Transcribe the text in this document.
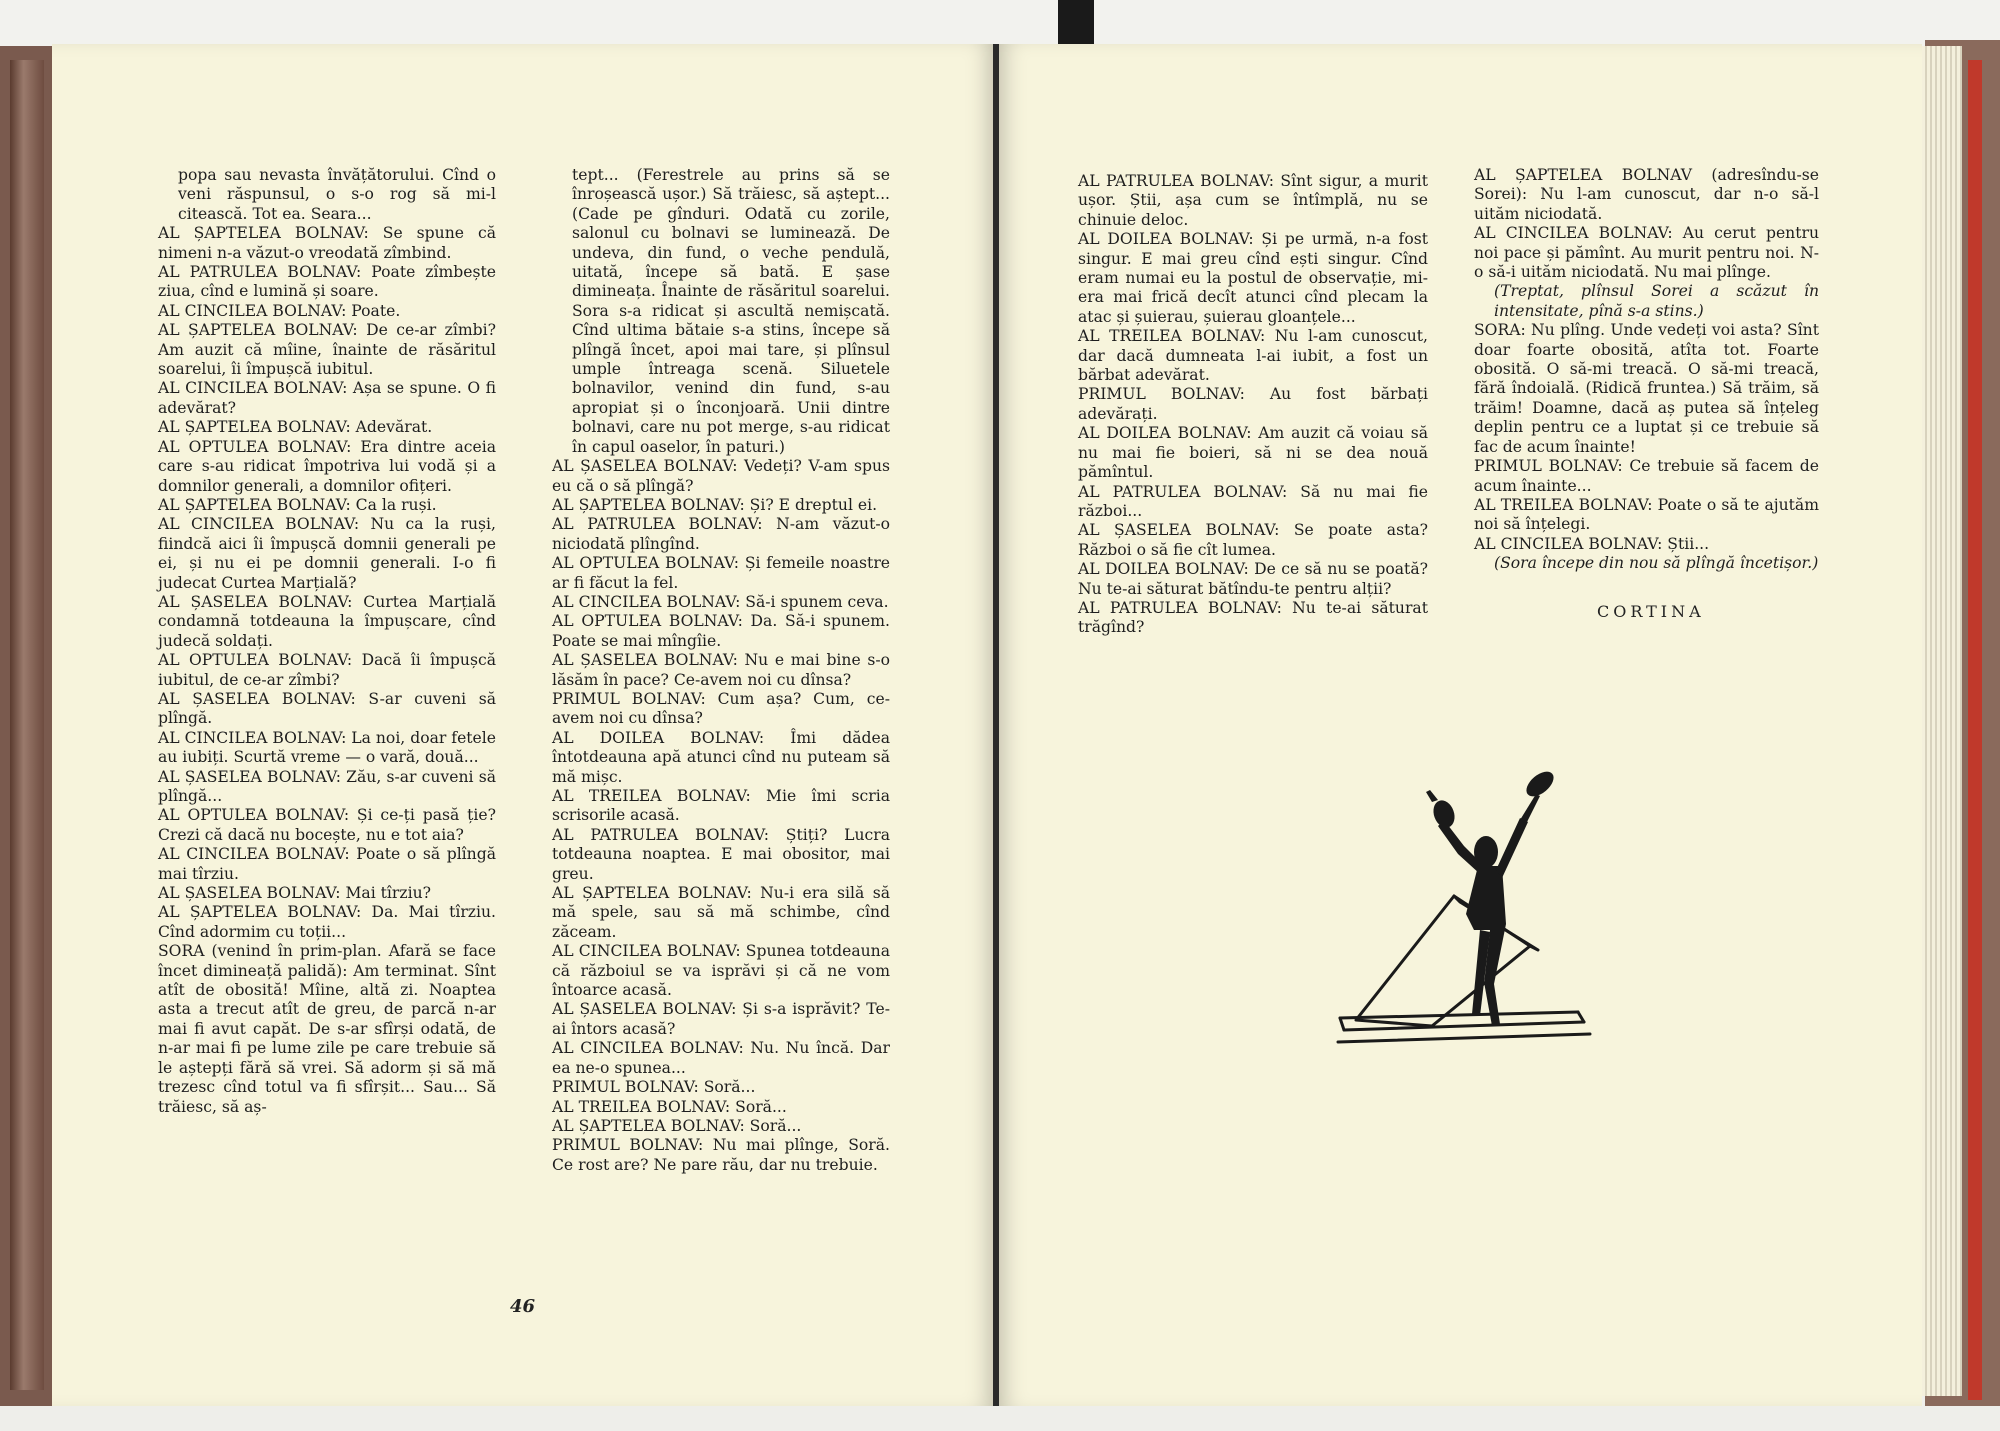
popa sau nevasta învățătorului. Cînd o veni răspunsul, o s-o rog să mi-l citească. Tot ea. Seara...

AL ȘAPTELEA BOLNAV: Se spune că nimeni n-a văzut-o vreodată zîmbind.

AL PATRULEA BOLNAV: Poate zîmbește ziua, cînd e lumină și soare.

AL CINCILEA BOLNAV: Poate.

AL ȘAPTELEA BOLNAV: De ce-ar zîmbi? Am auzit că mîine, înainte de răsăritul soarelui, îi împușcă iubitul.

AL CINCILEA BOLNAV: Așa se spune. O fi adevărat?

AL ȘAPTELEA BOLNAV: Adevărat.

AL OPTULEA BOLNAV: Era dintre aceia care s-au ridicat împotriva lui vodă și a domnilor generali, a domnilor ofițeri.

AL ȘAPTELEA BOLNAV: Ca la ruși.

AL CINCILEA BOLNAV: Nu ca la ruși, fiindcă aici îi împușcă domnii generali pe ei, și nu ei pe domnii generali. I-o fi judecat Curtea Marțială?

AL ȘASELEA BOLNAV: Curtea Marțială condamnă totdeauna la împușcare, cînd judecă soldați.

AL OPTULEA BOLNAV: Dacă îi împușcă iubitul, de ce-ar zîmbi?

AL ȘASELEA BOLNAV: S-ar cuveni să plîngă.

AL CINCILEA BOLNAV: La noi, doar fetele au iubiți. Scurtă vreme — o vară, două...

AL ȘASELEA BOLNAV: Zău, s-ar cuveni să plîngă...

AL OPTULEA BOLNAV: Și ce-ți pasă ție? Crezi că dacă nu bocește, nu e tot aia?

AL CINCILEA BOLNAV: Poate o să plîngă mai tîrziu.

AL ȘASELEA BOLNAV: Mai tîrziu?

AL ȘAPTELEA BOLNAV: Da. Mai tîrziu. Cînd adormim cu toții...

SORA (venind în prim-plan. Afară se face încet dimineață palidă): Am terminat. Sînt atît de obosită! Mîine, altă zi. Noaptea asta a trecut atît de greu, de parcă n-ar mai fi avut capăt. De s-ar sfîrși odată, de n-ar mai fi pe lume zile pe care trebuie să le aștepți fără să vrei. Să adorm și să mă trezesc cînd totul va fi sfîrșit... Sau... Să trăiesc, să aș-

tept... (Ferestrele au prins să se înroșească ușor.) Să trăiesc, să aștept... (Cade pe gînduri. Odată cu zorile, salonul cu bolnavi se luminează. De undeva, din fund, o veche pendulă, uitată, începe să bată. E șase dimineața. Înainte de răsăritul soarelui. Sora s-a ridicat și ascultă nemișcată. Cînd ultima bătaie s-a stins, începe să plîngă încet, apoi mai tare, și plînsul umple întreaga scenă. Siluetele bolnavilor, venind din fund, s-au apropiat și o înconjoară. Unii dintre bolnavi, care nu pot merge, s-au ridicat în capul oaselor, în paturi.)

AL ȘASELEA BOLNAV: Vedeți? V-am spus eu că o să plîngă?

AL ȘAPTELEA BOLNAV: Și? E dreptul ei.

AL PATRULEA BOLNAV: N-am văzut-o niciodată plîngînd.

AL OPTULEA BOLNAV: Și femeile noastre ar fi făcut la fel.

AL CINCILEA BOLNAV: Să-i spunem ceva.

AL OPTULEA BOLNAV: Da. Să-i spunem. Poate se mai mîngîie.

AL ȘASELEA BOLNAV: Nu e mai bine s-o lăsăm în pace? Ce-avem noi cu dînsa?

PRIMUL BOLNAV: Cum așa? Cum, ce-avem noi cu dînsa?

AL DOILEA BOLNAV: Îmi dădea întotdeauna apă atunci cînd nu puteam să mă mișc.

AL TREILEA BOLNAV: Mie îmi scria scrisorile acasă.

AL PATRULEA BOLNAV: Știți? Lucra totdeauna noaptea. E mai obositor, mai greu.

AL ȘAPTELEA BOLNAV: Nu-i era silă să mă spele, sau să mă schimbe, cînd zăceam.

AL CINCILEA BOLNAV: Spunea totdeauna că războiul se va isprăvi și că ne vom întoarce acasă.

AL ȘASELEA BOLNAV: Și s-a isprăvit? Te-ai întors acasă?

AL CINCILEA BOLNAV: Nu. Nu încă. Dar ea ne-o spunea...

PRIMUL BOLNAV: Soră...

AL TREILEA BOLNAV: Soră...

AL ȘAPTELEA BOLNAV: Soră...

PRIMUL BOLNAV: Nu mai plînge, Soră. Ce rost are? Ne pare rău, dar nu trebuie.

46

AL PATRULEA BOLNAV: Sînt sigur, a murit ușor. Știi, așa cum se întîmplă, nu se chinuie deloc.

AL DOILEA BOLNAV: Și pe urmă, n-a fost singur. E mai greu cînd ești singur. Cînd eram numai eu la postul de observație, mi-era mai frică decît atunci cînd plecam la atac și șuierau, șuierau gloanțele...

AL TREILEA BOLNAV: Nu l-am cunoscut, dar dacă dumneata l-ai iubit, a fost un bărbat adevărat.

PRIMUL BOLNAV: Au fost bărbați adevărați.

AL DOILEA BOLNAV: Am auzit că voiau să nu mai fie boieri, să ni se dea nouă pămîntul.

AL PATRULEA BOLNAV: Să nu mai fie război...

AL ȘASELEA BOLNAV: Se poate asta? Război o să fie cît lumea.

AL DOILEA BOLNAV: De ce să nu se poată? Nu te-ai săturat bătîndu-te pentru alții?

AL PATRULEA BOLNAV: Nu te-ai săturat trăgînd?

AL ȘAPTELEA BOLNAV (adresîndu-se Sorei): Nu l-am cunoscut, dar n-o să-l uităm niciodată.

AL CINCILEA BOLNAV: Au cerut pentru noi pace și pămînt. Au murit pentru noi. N-o să-i uităm niciodată. Nu mai plînge.

(Treptat, plînsul Sorei a scăzut în intensitate, pînă s-a stins.)

SORA: Nu plîng. Unde vedeți voi asta? Sînt doar foarte obosită, atîta tot. Foarte obosită. O să-mi treacă. O să-mi treacă, fără îndoială. (Ridică fruntea.) Să trăim, să trăim! Doamne, dacă aș putea să înțeleg deplin pentru ce a luptat și ce trebuie să fac de acum înainte!

PRIMUL BOLNAV: Ce trebuie să facem de acum înainte...

AL TREILEA BOLNAV: Poate o să te ajutăm noi să înțelegi.

AL CINCILEA BOLNAV: Știi...

(Sora începe din nou să plîngă încetișor.)

CORTINA
